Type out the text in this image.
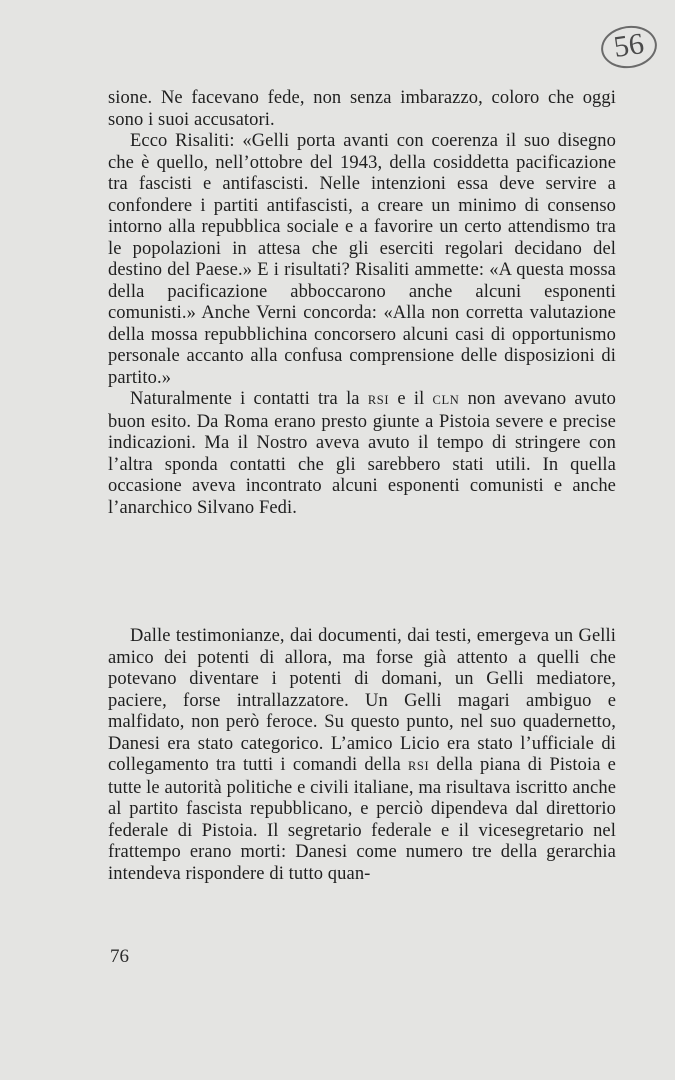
56

sione. Ne facevano fede, non senza imbarazzo, coloro che oggi sono i suoi accusatori.

Ecco Risaliti: «Gelli porta avanti con coerenza il suo disegno che è quello, nell’ottobre del 1943, della cosiddetta pacificazione tra fascisti e antifascisti. Nelle intenzioni essa deve servire a confondere i partiti antifascisti, a creare un minimo di consenso intorno alla repubblica sociale e a favorire un certo attendismo tra le popolazioni in attesa che gli eserciti regolari decidano del destino del Paese.» E i risultati? Risaliti ammette: «A questa mossa della pacificazione abboccarono anche alcuni esponenti comunisti.» Anche Verni concorda: «Alla non corretta valutazione della mossa repubblichina concorsero alcuni casi di opportunismo personale accanto alla confusa comprensione delle disposizioni di partito.»

Naturalmente i contatti tra la RSI e il CLN non avevano avuto buon esito. Da Roma erano presto giunte a Pistoia severe e precise indicazioni. Ma il Nostro aveva avuto il tempo di stringere con l’altra sponda contatti che gli sarebbero stati utili. In quella occasione aveva incontrato alcuni esponenti comunisti e anche l’anarchico Silvano Fedi.

Dalle testimonianze, dai documenti, dai testi, emergeva un Gelli amico dei potenti di allora, ma forse già attento a quelli che potevano diventare i potenti di domani, un Gelli mediatore, paciere, forse intrallazzatore. Un Gelli magari ambiguo e malfidato, non però feroce. Su questo punto, nel suo quadernetto, Danesi era stato categorico. L’amico Licio era stato l’ufficiale di collegamento tra tutti i comandi della RSI della piana di Pistoia e tutte le autorità politiche e civili italiane, ma risultava iscritto anche al partito fascista repubblicano, e perciò dipendeva dal direttorio federale di Pistoia. Il segretario federale e il vicesegretario nel frattempo erano morti: Danesi come numero tre della gerarchia intendeva rispondere di tutto quan-

76
